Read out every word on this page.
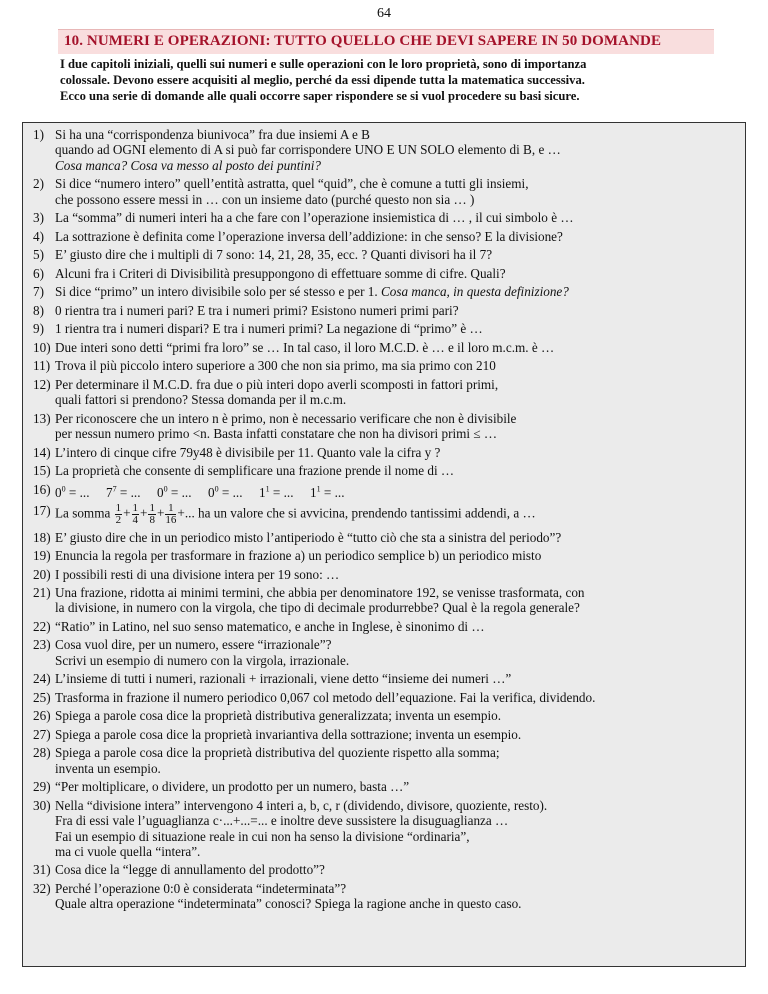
64
10. NUMERI E OPERAZIONI: TUTTO QUELLO CHE DEVI SAPERE IN 50 DOMANDE
I due capitoli iniziali, quelli sui numeri e sulle operazioni con le loro proprietà, sono di importanza
colossale. Devono essere acquisiti al meglio, perché da essi dipende tutta la matematica successiva.
Ecco una serie di domande alle quali occorre saper rispondere se si vuol procedere su basi sicure.
1) Si ha una “corrispondenza biunivoca” fra due insiemi A e B
quando ad OGNI elemento di A si può far corrispondere UNO E UN SOLO elemento di B, e …
Cosa manca? Cosa va messo al posto dei puntini?
2) Si dice “numero intero” quell’entità astratta, quel “quid”, che è comune a tutti gli insiemi,
che possono essere messi in … con un insieme dato (purché questo non sia … )
3) La “somma” di numeri interi ha a che fare con l’operazione insiemistica di … , il cui simbolo è …
4) La sottrazione è definita come l’operazione inversa dell’addizione: in che senso? E la divisione?
5) E’ giusto dire che i multipli di 7 sono: 14, 21, 28, 35, ecc. ? Quanti divisori ha il 7?
6) Alcuni fra i Criteri di Divisibilità presuppongono di effettuare somme di cifre. Quali?
7) Si dice “primo” un intero divisibile solo per sé stesso e per 1. Cosa manca, in questa definizione?
8) 0 rientra tra i numeri pari? E tra i numeri primi? Esistono numeri primi pari?
9) 1 rientra tra i numeri dispari? E tra i numeri primi? La negazione di “primo” è …
10) Due interi sono detti “primi fra loro” se … In tal caso, il loro M.C.D. è … e il loro m.c.m. è …
11) Trova il più piccolo intero superiore a 300 che non sia primo, ma sia primo con 210
12) Per determinare il M.C.D. fra due o più interi dopo averli scomposti in fattori primi,
quali fattori si prendono? Stessa domanda per il m.c.m.
13) Per riconoscere che un intero n è primo, non è necessario verificare che non è divisibile
per nessun numero primo <n. Basta infatti constatare che non ha divisori primi ≤ …
14) L’intero di cinque cifre 79y48 è divisibile per 11. Quanto vale la cifra y ?
15) La proprietà che consente di semplificare una frazione prende il nome di …
16) $0^0$ = ...     $7^7$ = ...     $0^0$ = ...     $0^0$ = ...     $1^1$ = ...     $1^1$ = ...
17) La somma $\frac{1}{2} + \frac{1}{4} + \frac{1}{8} + \frac{1}{16}$ +... ha un valore che si avvicina, prendendo tantissimi addendi, a …
18) E’ giusto dire che in un periodico misto l’antiperiodo è “tutto ciò che sta a sinistra del periodo”?
19) Enuncia la regola per trasformare in frazione a) un periodico semplice b) un periodico misto
20) I possibili resti di una divisione intera per 19 sono: …
21) Una frazione, ridotta ai minimi termini, che abbia per denominatore 192, se venisse trasformata, con
la divisione, in numero con la virgola, che tipo di decimale produrrebbe? Qual è la regola generale?
22) “Ratio” in Latino, nel suo senso matematico, e anche in Inglese, è sinonimo di …
23) Cosa vuol dire, per un numero, essere “irrazionale”?
Scrivi un esempio di numero con la virgola, irrazionale.
24) L’insieme di tutti i numeri, razionali + irrazionali, viene detto “insieme dei numeri …”
25) Trasforma in frazione il numero periodico 0,067 col metodo dell’equazione. Fai la verifica, dividendo.
26) Spiega a parole cosa dice la proprietà distributiva generalizzata; inventa un esempio.
27) Spiega a parole cosa dice la proprietà invariantiva della sottrazione; inventa un esempio.
28) Spiega a parole cosa dice la proprietà distributiva del quoziente rispetto alla somma;
inventa un esempio.
29) “Per moltiplicare, o dividere, un prodotto per un numero, basta …”
30) Nella “divisione intera” intervengono 4 interi a, b, c, r (dividendo, divisore, quoziente, resto).
Fra di essi vale l’uguaglianza c·...+...=... e inoltre deve sussistere la disuguaglianza …
Fai un esempio di situazione reale in cui non ha senso la divisione “ordinaria”,
ma ci vuole quella “intera”.
31) Cosa dice la “legge di annullamento del prodotto”?
32) Perché l’operazione 0:0 è considerata “indeterminata”?
Quale altra operazione “indeterminata” conosci? Spiega la ragione anche in questo caso.
